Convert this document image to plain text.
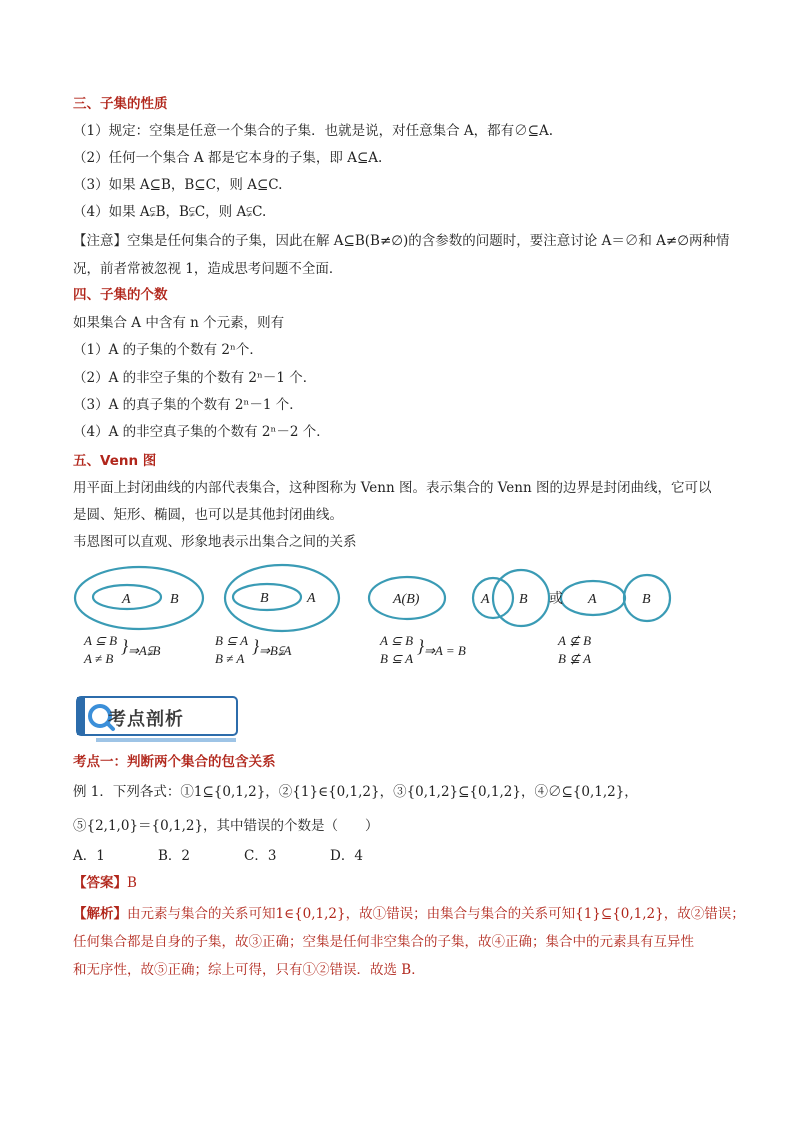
三、子集的性质
（1）规定：空集是任意一个集合的子集．也就是说，对任意集合 A，都有∅⊆A.
（2）任何一个集合 A 都是它本身的子集，即 A⊆A.
（3）如果 A⊆B，B⊆C，则 A⊆C.
（4）如果 A⫋B，B⫋C，则 A⫋C.
【注意】空集是任何集合的子集，因此在解 A⊆B(B≠∅)的含参数的问题时，要注意讨论 A＝∅和 A≠∅两种情
况，前者常被忽视 1，造成思考问题不全面．
四、子集的个数
如果集合 A 中含有 n 个元素，则有
（1）A 的子集的个数有 2ⁿ个．
（2）A 的非空子集的个数有 2ⁿ－1 个．
（3）A 的真子集的个数有 2ⁿ－1 个．
（4）A 的非空真子集的个数有 2ⁿ－2 个．
五、Venn 图
用平面上封闭曲线的内部代表集合，这种图称为 Venn 图。表示集合的 Venn 图的边界是封闭曲线，它可以
是圆、矩形、椭圆，也可以是其他封闭曲线。
韦恩图可以直观、形象地表示出集合之间的关系
A	B	B	A	A(B)	A B	A	B
或
A ⊆ B
A ≠ B
} ⇒A⫋B
B ⊆ A
B ≠ A
} ⇒B⫋A
A ⊆ B
B ⊆ A
} ⇒A = B
A ⊈ B
B ⊈ A
考点剖析
考点一：判断两个集合的包含关系
例 1．下列各式：①1⊆{0,1,2}，②{1}∈{0,1,2}，③{0,1,2}⊆{0,1,2}，④∅⊆{0,1,2}，
⑤{2,1,0}＝{0,1,2}，其中错误的个数是（　　）
A．1	B．2	C．3	D．4
【答案】B
【解析】由元素与集合的关系可知1∈{0,1,2}，故①错误；由集合与集合的关系可知{1}⊆{0,1,2}，故②错误；
任何集合都是自身的子集，故③正确；空集是任何非空集合的子集，故④正确；集合中的元素具有互异性
和无序性，故⑤正确；综上可得，只有①②错误．故选 B．
